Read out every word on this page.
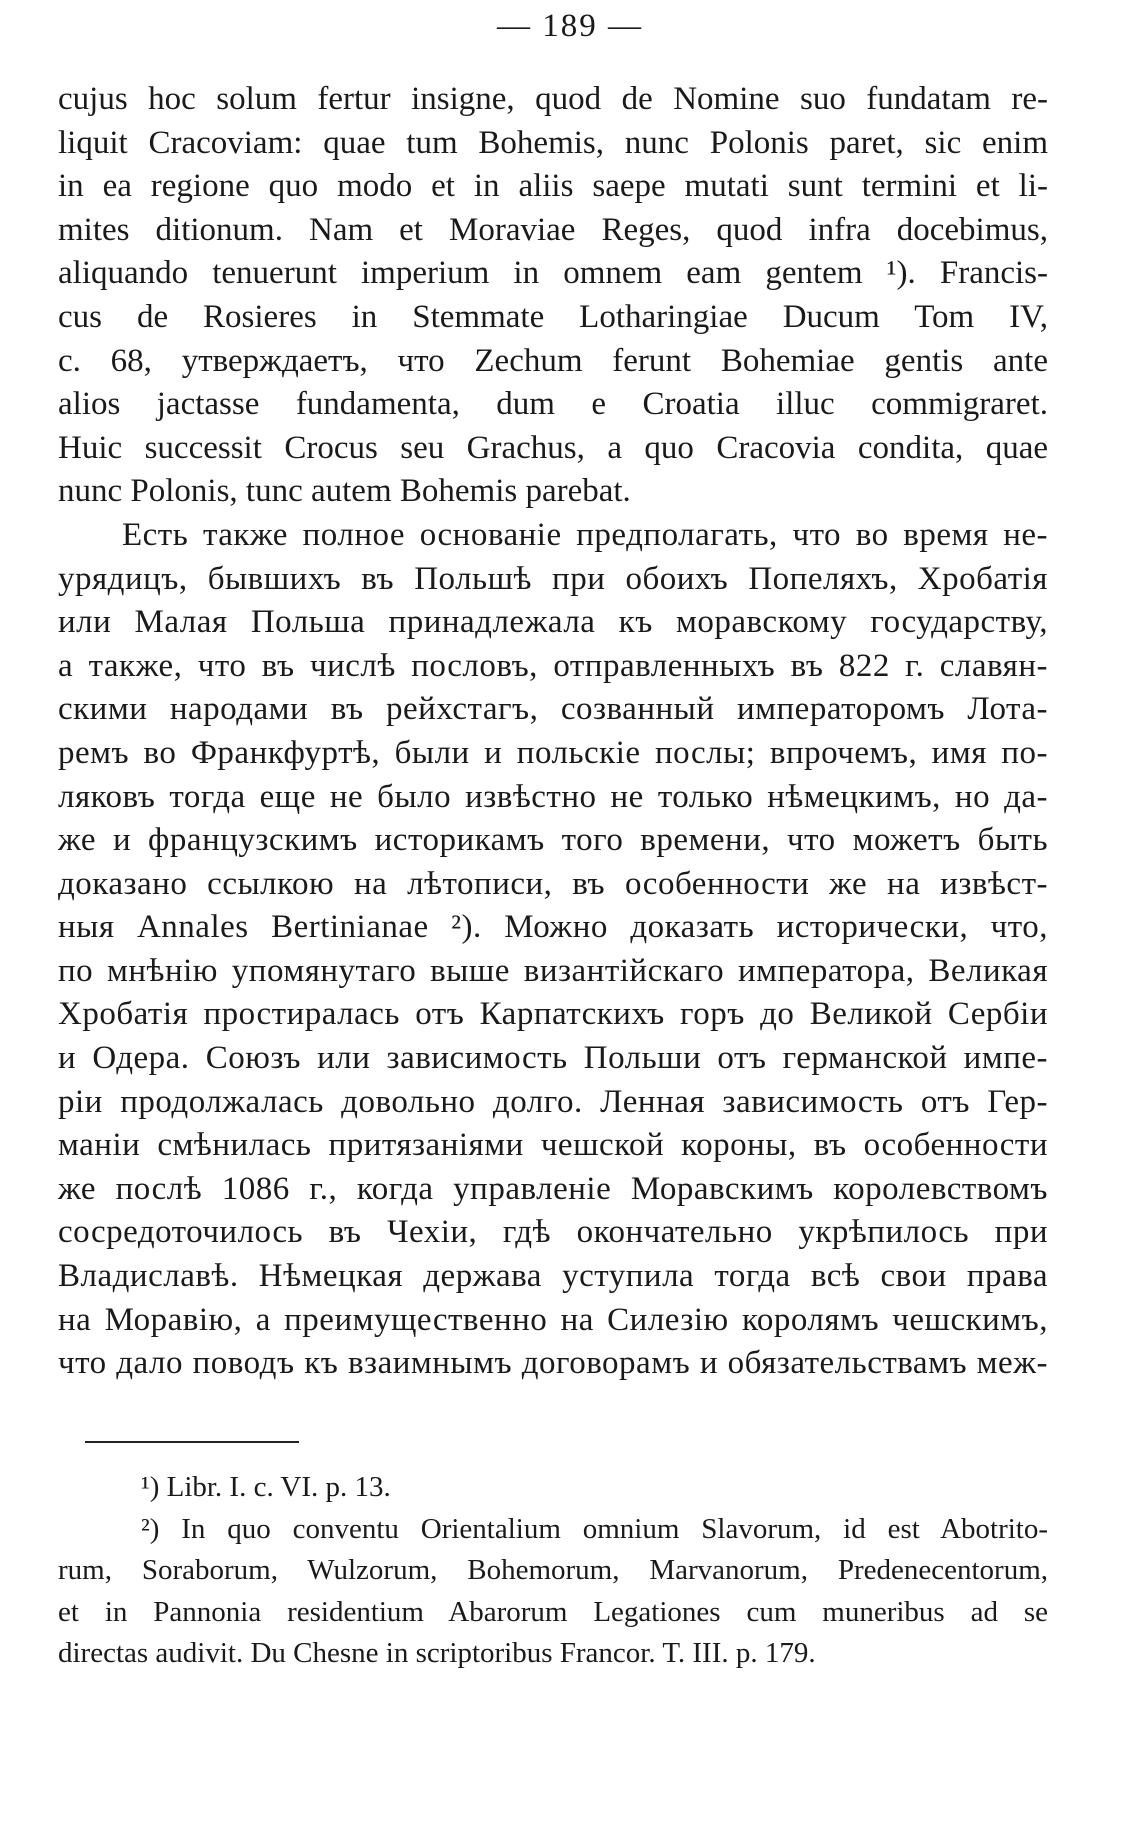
— 189 —
cujus hoc solum fertur insigne, quod de Nomine suo fundatam re-
liquit Cracoviam: quae tum Bohemis, nunc Polonis paret, sic enim
in ea regione quo modo et in aliis saepe mutati sunt termini et li-
mites ditionum. Nam et Moraviae Reges, quod infra docebimus,
aliquando tenuerunt imperium in omnem eam gentem ¹). Francis-
cus de Rosieres in Stemmate Lotharingiae Ducum Tom IV,
c. 68, утверждаетъ, что Zechum ferunt Bohemiae gentis ante
alios jactasse fundamenta, dum e Croatia illuc commigraret.
Huic successit Crocus seu Grachus, a quo Cracovia condita, quae
nunc Polonis, tunc autem Bohemis parebat.
Есть также полное основаніе предполагать, что во время не-
урядицъ, бывшихъ въ Польшѣ при обоихъ Попеляхъ, Хробатія
или Малая Польша принадлежала къ моравскому государству,
а также, что въ числѣ пословъ, отправленныхъ въ 822 г. славян-
скими народами въ рейхстагъ, созванный императоромъ Лота-
ремъ во Франкфуртѣ, были и польскіе послы; впрочемъ, имя по-
ляковъ тогда еще не было извѣстно не только нѣмецкимъ, но да-
же и французскимъ историкамъ того времени, что можетъ быть
доказано ссылкою на лѣтописи, въ особенности же на извѣст-
ныя Annales Bertinianae ²). Можно доказать исторически, что,
по мнѣнію упомянутаго выше византійскаго императора, Великая
Хробатія простиралась отъ Карпатскихъ горъ до Великой Сербіи
и Одера. Союзъ или зависимость Польши отъ германской импе-
ріи продолжалась довольно долго. Ленная зависимость отъ Гер-
маніи смѣнилась притязаніями чешской короны, въ особенности
же послѣ 1086 г., когда управленіе Моравскимъ королевствомъ
сосредоточилось въ Чехіи, гдѣ окончательно укрѣпилось при
Владиславѣ. Нѣмецкая держава уступила тогда всѣ свои права
на Моравію, а преимущественно на Силезію королямъ чешскимъ,
что дало поводъ къ взаимнымъ договорамъ и обязательствамъ меж-
¹) Libr. I. c. VI. p. 13.
²) In quo conventu Orientalium omnium Slavorum, id est Abotrito-
rum, Soraborum, Wulzorum, Bohemorum, Marvanorum, Predenecentorum,
et in Pannonia residentium Abarorum Legationes cum muneribus ad se
directas audivit. Du Chesne in scriptoribus Francor. T. III. p. 179.
